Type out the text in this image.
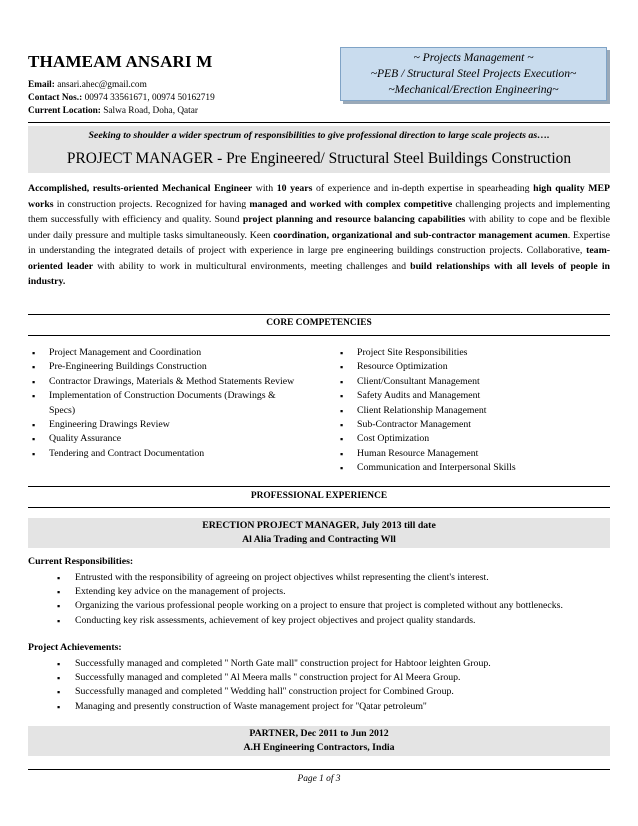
THAMEAM ANSARI M
Email: ansari.ahec@gmail.com
Contact Nos.: 00974 33561671, 00974 50162719
Current Location: Salwa Road, Doha, Qatar
~ Projects Management ~
~PEB / Structural Steel Projects Execution~
~Mechanical/Erection Engineering~
Seeking to shoulder a wider spectrum of responsibilities to give professional direction to large scale projects as….
PROJECT MANAGER - Pre Engineered/ Structural Steel Buildings Construction

Accomplished, results-oriented Mechanical Engineer with 10 years of experience and in-depth expertise in spearheading high quality MEP works in construction projects. Recognized for having managed and worked with complex competitive challenging projects and implementing them successfully with efficiency and quality. Sound project planning and resource balancing capabilities with ability to cope and be flexible under daily pressure and multiple tasks simultaneously. Keen coordination, organizational and sub-contractor management acumen. Expertise in understanding the integrated details of project with experience in large pre engineering buildings construction projects. Collaborative, team-oriented leader with ability to work in multicultural environments, meeting challenges and build relationships with all levels of people in industry.

CORE COMPETENCIES
▪ Project Management and Coordination
▪ Pre-Engineering Buildings Construction
▪ Contractor Drawings, Materials & Method Statements Review
▪ Implementation of Construction Documents (Drawings & Specs)
▪ Engineering Drawings Review
▪ Quality Assurance
▪ Tendering and Contract Documentation
▪ Project Site Responsibilities
▪ Resource Optimization
▪ Client/Consultant Management
▪ Safety Audits and Management
▪ Client Relationship Management
▪ Sub-Contractor Management
▪ Cost Optimization
▪ Human Resource Management
▪ Communication and Interpersonal Skills
PROFESSIONAL EXPERIENCE
ERECTION PROJECT MANAGER, July 2013 till date
Al Alia Trading and Contracting Wll
Current Responsibilities:
▪ Entrusted with the responsibility of agreeing on project objectives whilst representing the client's interest.
▪ Extending key advice on the management of projects.
▪ Organizing the various professional people working on a project to ensure that project is completed without any bottlenecks.
▪ Conducting key risk assessments, achievement of key project objectives and project quality standards.
Project Achievements:
▪ Successfully managed and completed '' North Gate mall'' construction project for Habtoor leighten Group.
▪ Successfully managed and completed '' Al Meera malls '' construction project for Al Meera Group.
▪ Successfully managed and completed '' Wedding hall'' construction project for Combined Group.
▪ Managing and presently construction of Waste management project for ''Qatar petroleum''
PARTNER, Dec 2011 to Jun 2012
A.H Engineering Contractors, India
Page 1 of 3
